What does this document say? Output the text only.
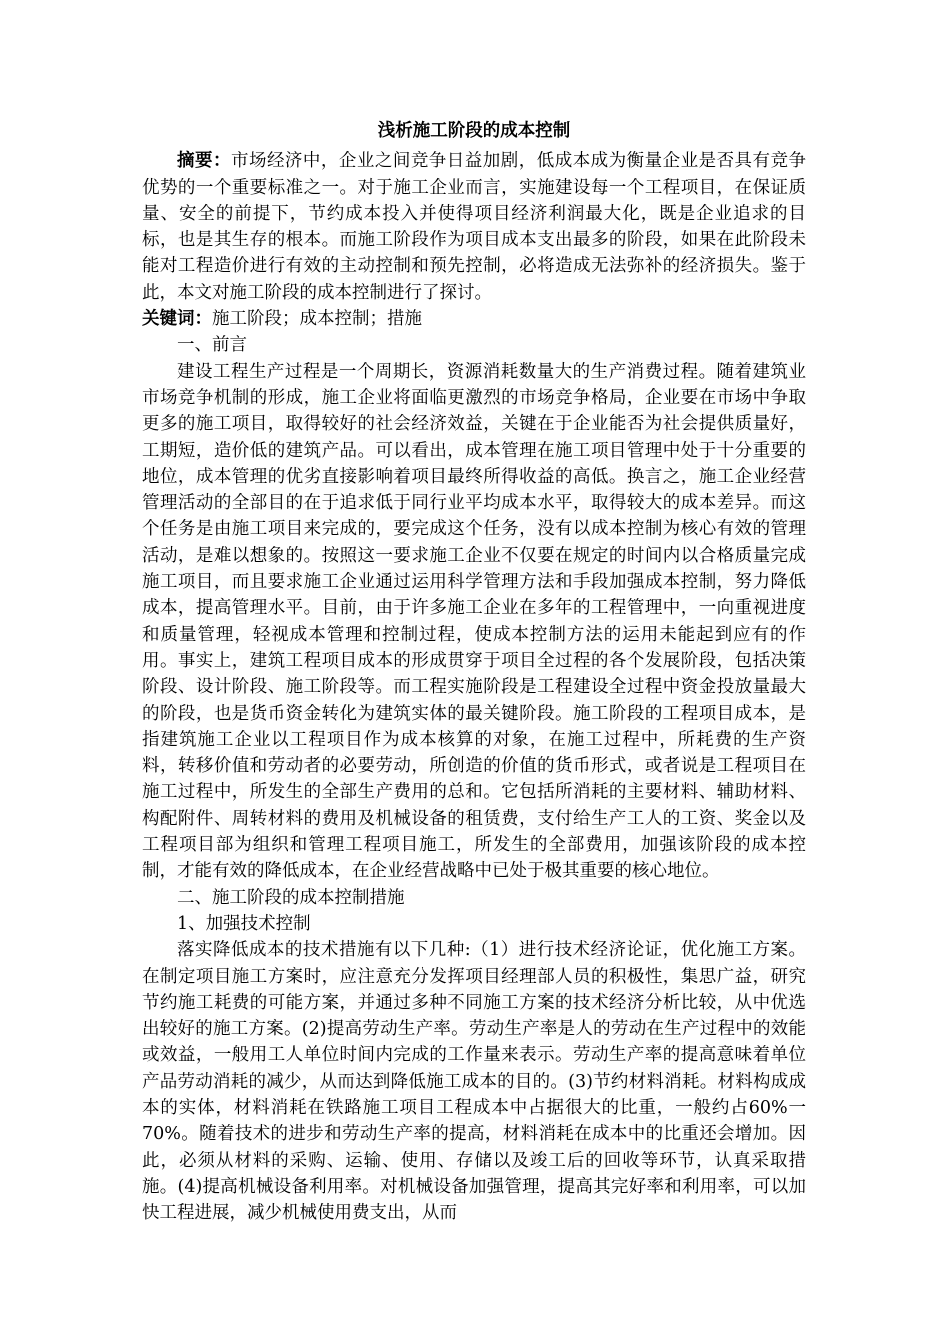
浅析施工阶段的成本控制

摘要：市场经济中，企业之间竞争日益加剧，低成本成为衡量企业是否具有竞争优势的一个重要标准之一。对于施工企业而言，实施建设每一个工程项目，在保证质量、安全的前提下，节约成本投入并使得项目经济利润最大化，既是企业追求的目标，也是其生存的根本。而施工阶段作为项目成本支出最多的阶段，如果在此阶段未能对工程造价进行有效的主动控制和预先控制，必将造成无法弥补的经济损失。鉴于此，本文对施工阶段的成本控制进行了探讨。

关键词：施工阶段；成本控制；措施

一、前言

建设工程生产过程是一个周期长，资源消耗数量大的生产消费过程。随着建筑业市场竞争机制的形成，施工企业将面临更激烈的市场竞争格局，企业要在市场中争取更多的施工项目，取得较好的社会经济效益，关键在于企业能否为社会提供质量好，工期短，造价低的建筑产品。可以看出，成本管理在施工项目管理中处于十分重要的地位，成本管理的优劣直接影响着项目最终所得收益的高低。换言之，施工企业经营管理活动的全部目的在于追求低于同行业平均成本水平，取得较大的成本差异。而这个任务是由施工项目来完成的，要完成这个任务，没有以成本控制为核心有效的管理活动，是难以想象的。按照这一要求施工企业不仅要在规定的时间内以合格质量完成施工项目，而且要求施工企业通过运用科学管理方法和手段加强成本控制，努力降低成本，提高管理水平。目前，由于许多施工企业在多年的工程管理中，一向重视进度和质量管理，轻视成本管理和控制过程，使成本控制方法的运用未能起到应有的作用。事实上，建筑工程项目成本的形成贯穿于项目全过程的各个发展阶段，包括决策阶段、设计阶段、施工阶段等。而工程实施阶段是工程建设全过程中资金投放量最大的阶段，也是货币资金转化为建筑实体的最关键阶段。施工阶段的工程项目成本，是指建筑施工企业以工程项目作为成本核算的对象，在施工过程中，所耗费的生产资料，转移价值和劳动者的必要劳动，所创造的价值的货币形式，或者说是工程项目在施工过程中，所发生的全部生产费用的总和。它包括所消耗的主要材料、辅助材料、构配附件、周转材料的费用及机械设备的租赁费，支付给生产工人的工资、奖金以及工程项目部为组织和管理工程项目施工，所发生的全部费用，加强该阶段的成本控制，才能有效的降低成本，在企业经营战略中已处于极其重要的核心地位。

二、施工阶段的成本控制措施

1、加强技术控制

落实降低成本的技术措施有以下几种:（1）进行技术经济论证，优化施工方案。在制定项目施工方案时，应注意充分发挥项目经理部人员的积极性，集思广益，研究节约施工耗费的可能方案，并通过多种不同施工方案的技术经济分析比较，从中优选出较好的施工方案。(2)提高劳动生产率。劳动生产率是人的劳动在生产过程中的效能或效益，一般用工人单位时间内完成的工作量来表示。劳动生产率的提高意味着单位产品劳动消耗的减少，从而达到降低施工成本的目的。(3)节约材料消耗。材料构成成本的实体，材料消耗在铁路施工项目工程成本中占据很大的比重，一般约占60%一70%。随着技术的进步和劳动生产率的提高，材料消耗在成本中的比重还会增加。因此，必须从材料的采购、运输、使用、存储以及竣工后的回收等环节，认真采取措施。(4)提高机械设备利用率。对机械设备加强管理，提高其完好率和利用率，可以加快工程进展，减少机械使用费支出，从而
